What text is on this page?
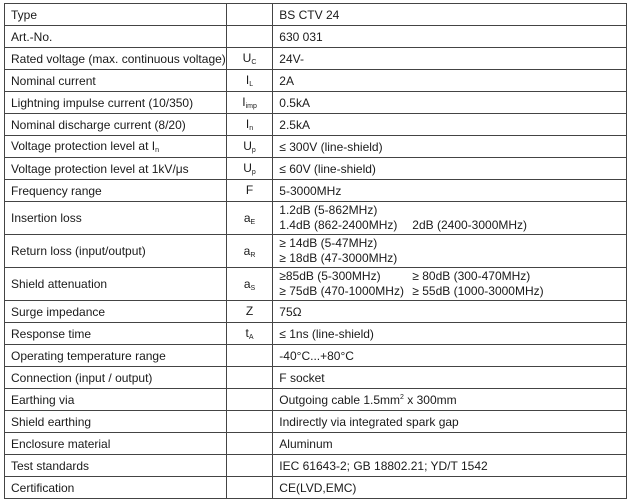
Type		BS CTV 24
Art.-No.		630 031
Rated voltage (max. continuous voltage)	$U_C$	24V-
Nominal current	$I_L$	2A
Lightning impulse current (10/350)	$I_{imp}$	0.5kA
Nominal discharge current (8/20)	$I_n$	2.5kA
Voltage protection level at $I_n$	$U_p$	≤ 300V (line-shield)
Voltage protection level at 1kV/μs	$U_p$	≤ 60V (line-shield)
Frequency range	F	5-3000MHz
Insertion loss	$a_E$	1.2dB (5-862MHz)
1.4dB (862-2400MHz) 2dB (2400-3000MHz)

Return loss (input/output)	$a_R$	≥ 14dB (5-47MHz)
≥ 18dB (47-3000MHz)

Shield attenuation	$a_S$	≥85dB (5-300MHz) ≥ 80dB (300-470MHz)
≥ 75dB (470-1000MHz) ≥ 55dB (1000-3000MHz)

Surge impedance	Z	75Ω
Response time	$t_A$	≤ 1ns (line-shield)
Operating temperature range		-40°C...+80°C
Connection (input / output)		F socket
Earthing via		Outgoing cable $1.5mm^2$ x 300mm
Shield earthing		Indirectly via integrated spark gap
Enclosure material		Aluminum
Test standards		IEC 61643-2; GB 18802.21; YD/T 1542
Certification		CE(LVD,EMC)
